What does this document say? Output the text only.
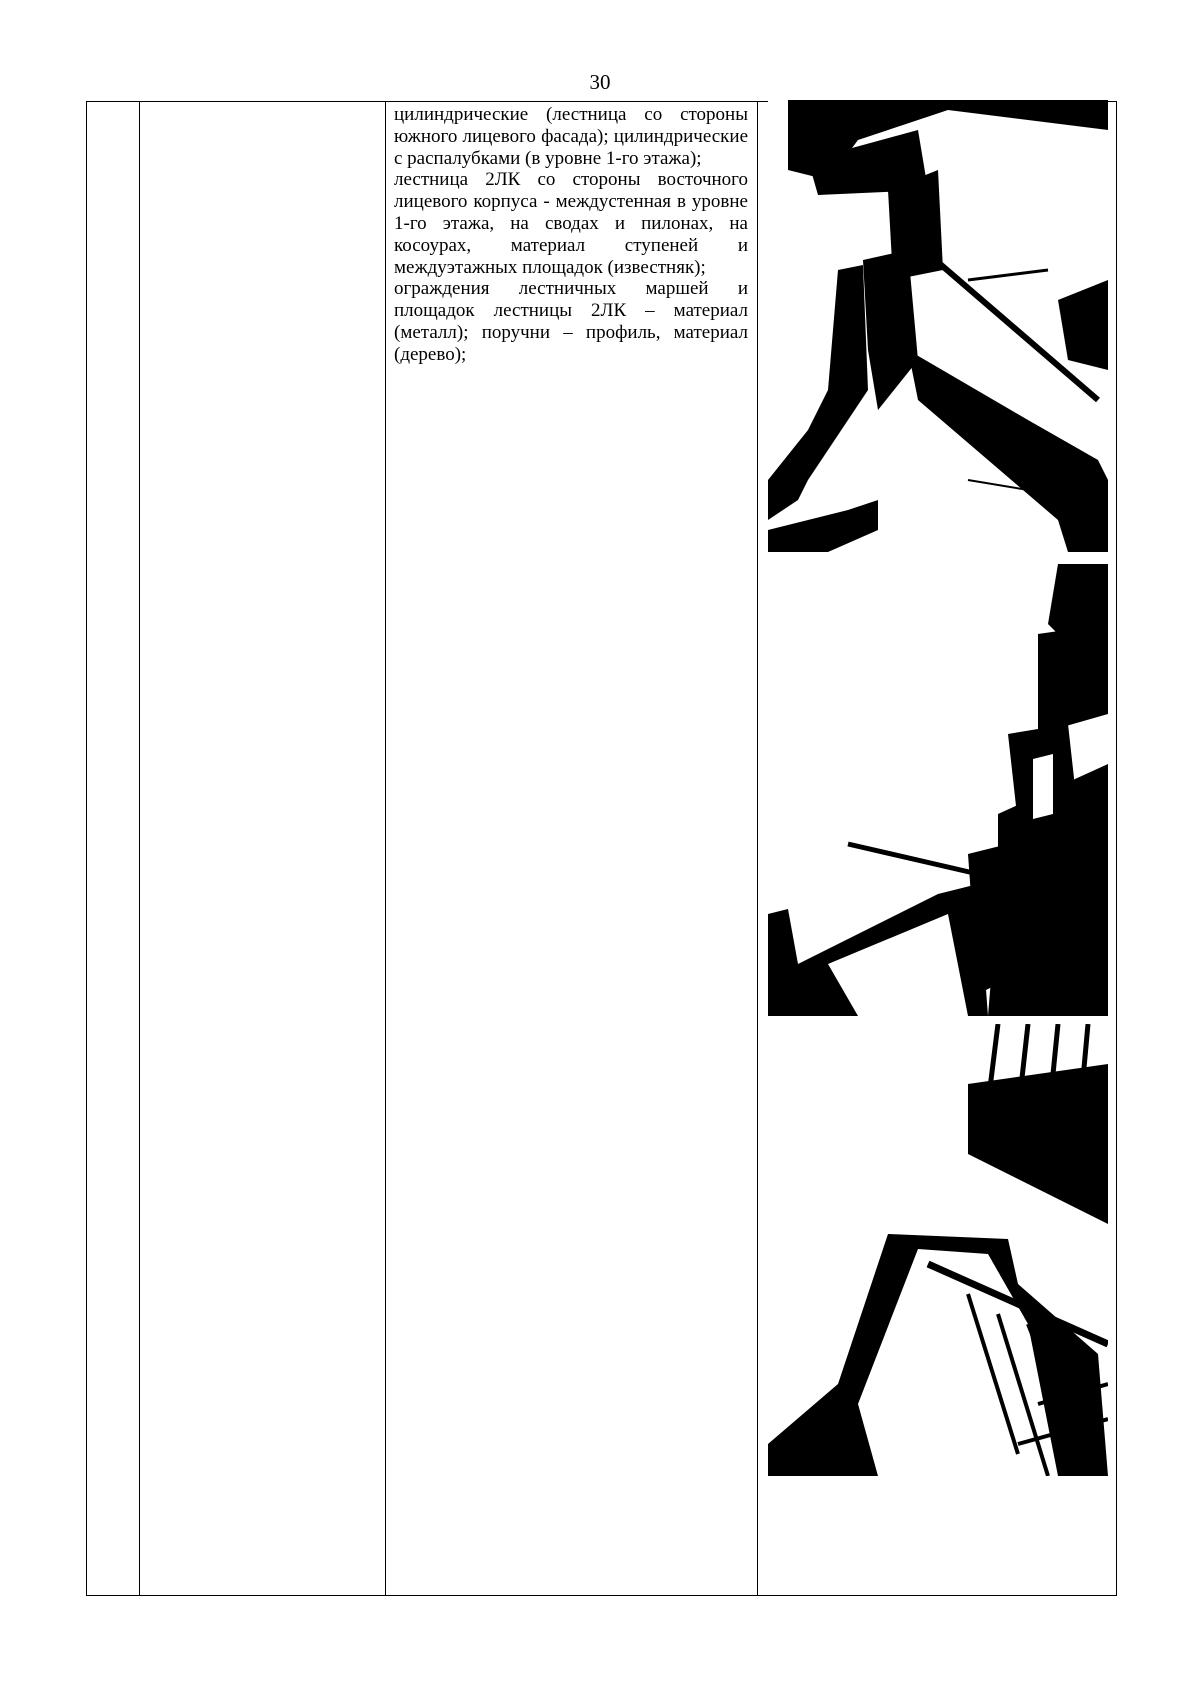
30

цилиндрические (лестница со стороны южного лицевого фасада); цилиндрические с распалубками (в уровне 1-го этажа);

лестница 2ЛК со стороны восточного лицевого корпуса - междустенная в уровне 1-го этажа, на сводах и пилонах, на косоурах, материал ступеней и междуэтажных площадок (известняк);

ограждения лестничных маршей и площадок лестницы 2ЛК – материал (металл); поручни – профиль, материал (дерево);
